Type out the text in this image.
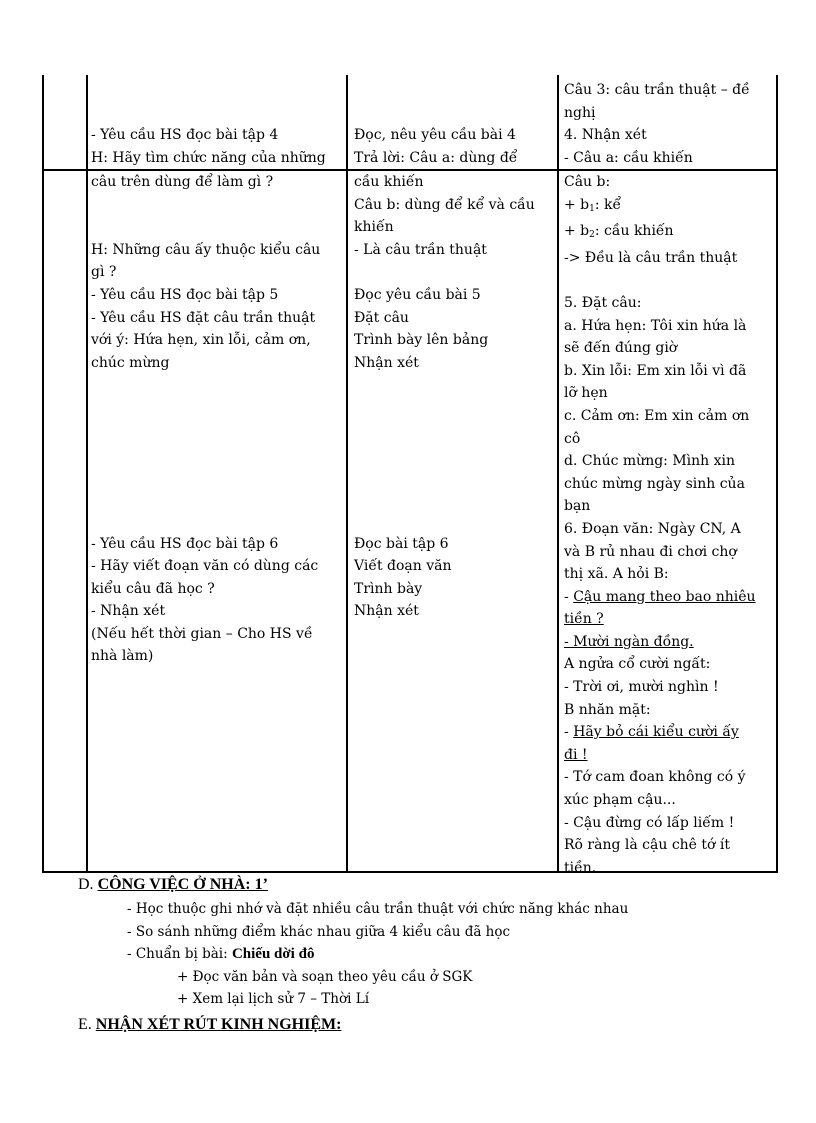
- Yêu cầu HS đọc bài tập 4
H: Hãy tìm chức năng của những
Đọc, nêu yêu cầu bài 4
Trả lời: Câu a: dùng để
Câu 3: câu trần thuật – đề
nghị
4. Nhận xét
- Câu a: cầu khiến
câu trên dùng để làm gì ?

H: Những câu ấy thuộc kiểu câu
gì ?
- Yêu cầu HS đọc bài tập 5
- Yêu cầu HS đặt câu trần thuật
với ý: Hứa hẹn, xin lỗi, cảm ơn,
chúc mừng

- Yêu cầu HS đọc bài tập 6
- Hãy viết đoạn văn có dùng các
kiểu câu đã học ?
- Nhận xét
(Nếu hết thời gian – Cho HS về
nhà làm)
cầu khiến
Câu b: dùng để kể và cầu
khiến
- Là câu trần thuật

Đọc yêu cầu bài 5
Đặt câu
Trình bày lên bảng
Nhận xét

Đọc bài tập 6
Viết đoạn văn
Trình bày
Nhận xét
Câu b:
+ $b_1$: kể
+ $b_2$: cầu khiến
-> Đều là câu trần thuật

5. Đặt câu:
a. Hứa hẹn: Tôi xin hứa là
sẽ đến đúng giờ
b. Xin lỗi: Em xin lỗi vì đã
lỡ hẹn
c. Cảm ơn: Em xin cảm ơn
cô
d. Chúc mừng: Mình xin
chúc mừng ngày sinh của
bạn
6. Đoạn văn: Ngày CN, A
và B rủ nhau đi chơi chợ
thị xã. A hỏi B:
- Cậu mang theo bao nhiêu
tiền ?
- Mười ngàn đồng.
A ngửa cổ cười ngất:
- Trời ơi, mười nghìn !
B nhăn mặt:
- Hãy bỏ cái kiểu cười ấy
đi !
- Tớ cam đoan không có ý
xúc phạm cậu...
- Cậu đừng có lấp liếm !
Rõ ràng là cậu chê tớ ít
tiền.
D. CÔNG VIỆC Ở NHÀ: 1’
- Học thuộc ghi nhớ và đặt nhiều câu trần thuật với chức năng khác nhau
- So sánh những điểm khác nhau giữa 4 kiểu câu đã học
- Chuẩn bị bài: Chiếu dời đô
+ Đọc văn bản và soạn theo yêu cầu ở SGK
+ Xem lại lịch sử 7 – Thời Lí
E. NHẬN XÉT RÚT KINH NGHIỆM:
